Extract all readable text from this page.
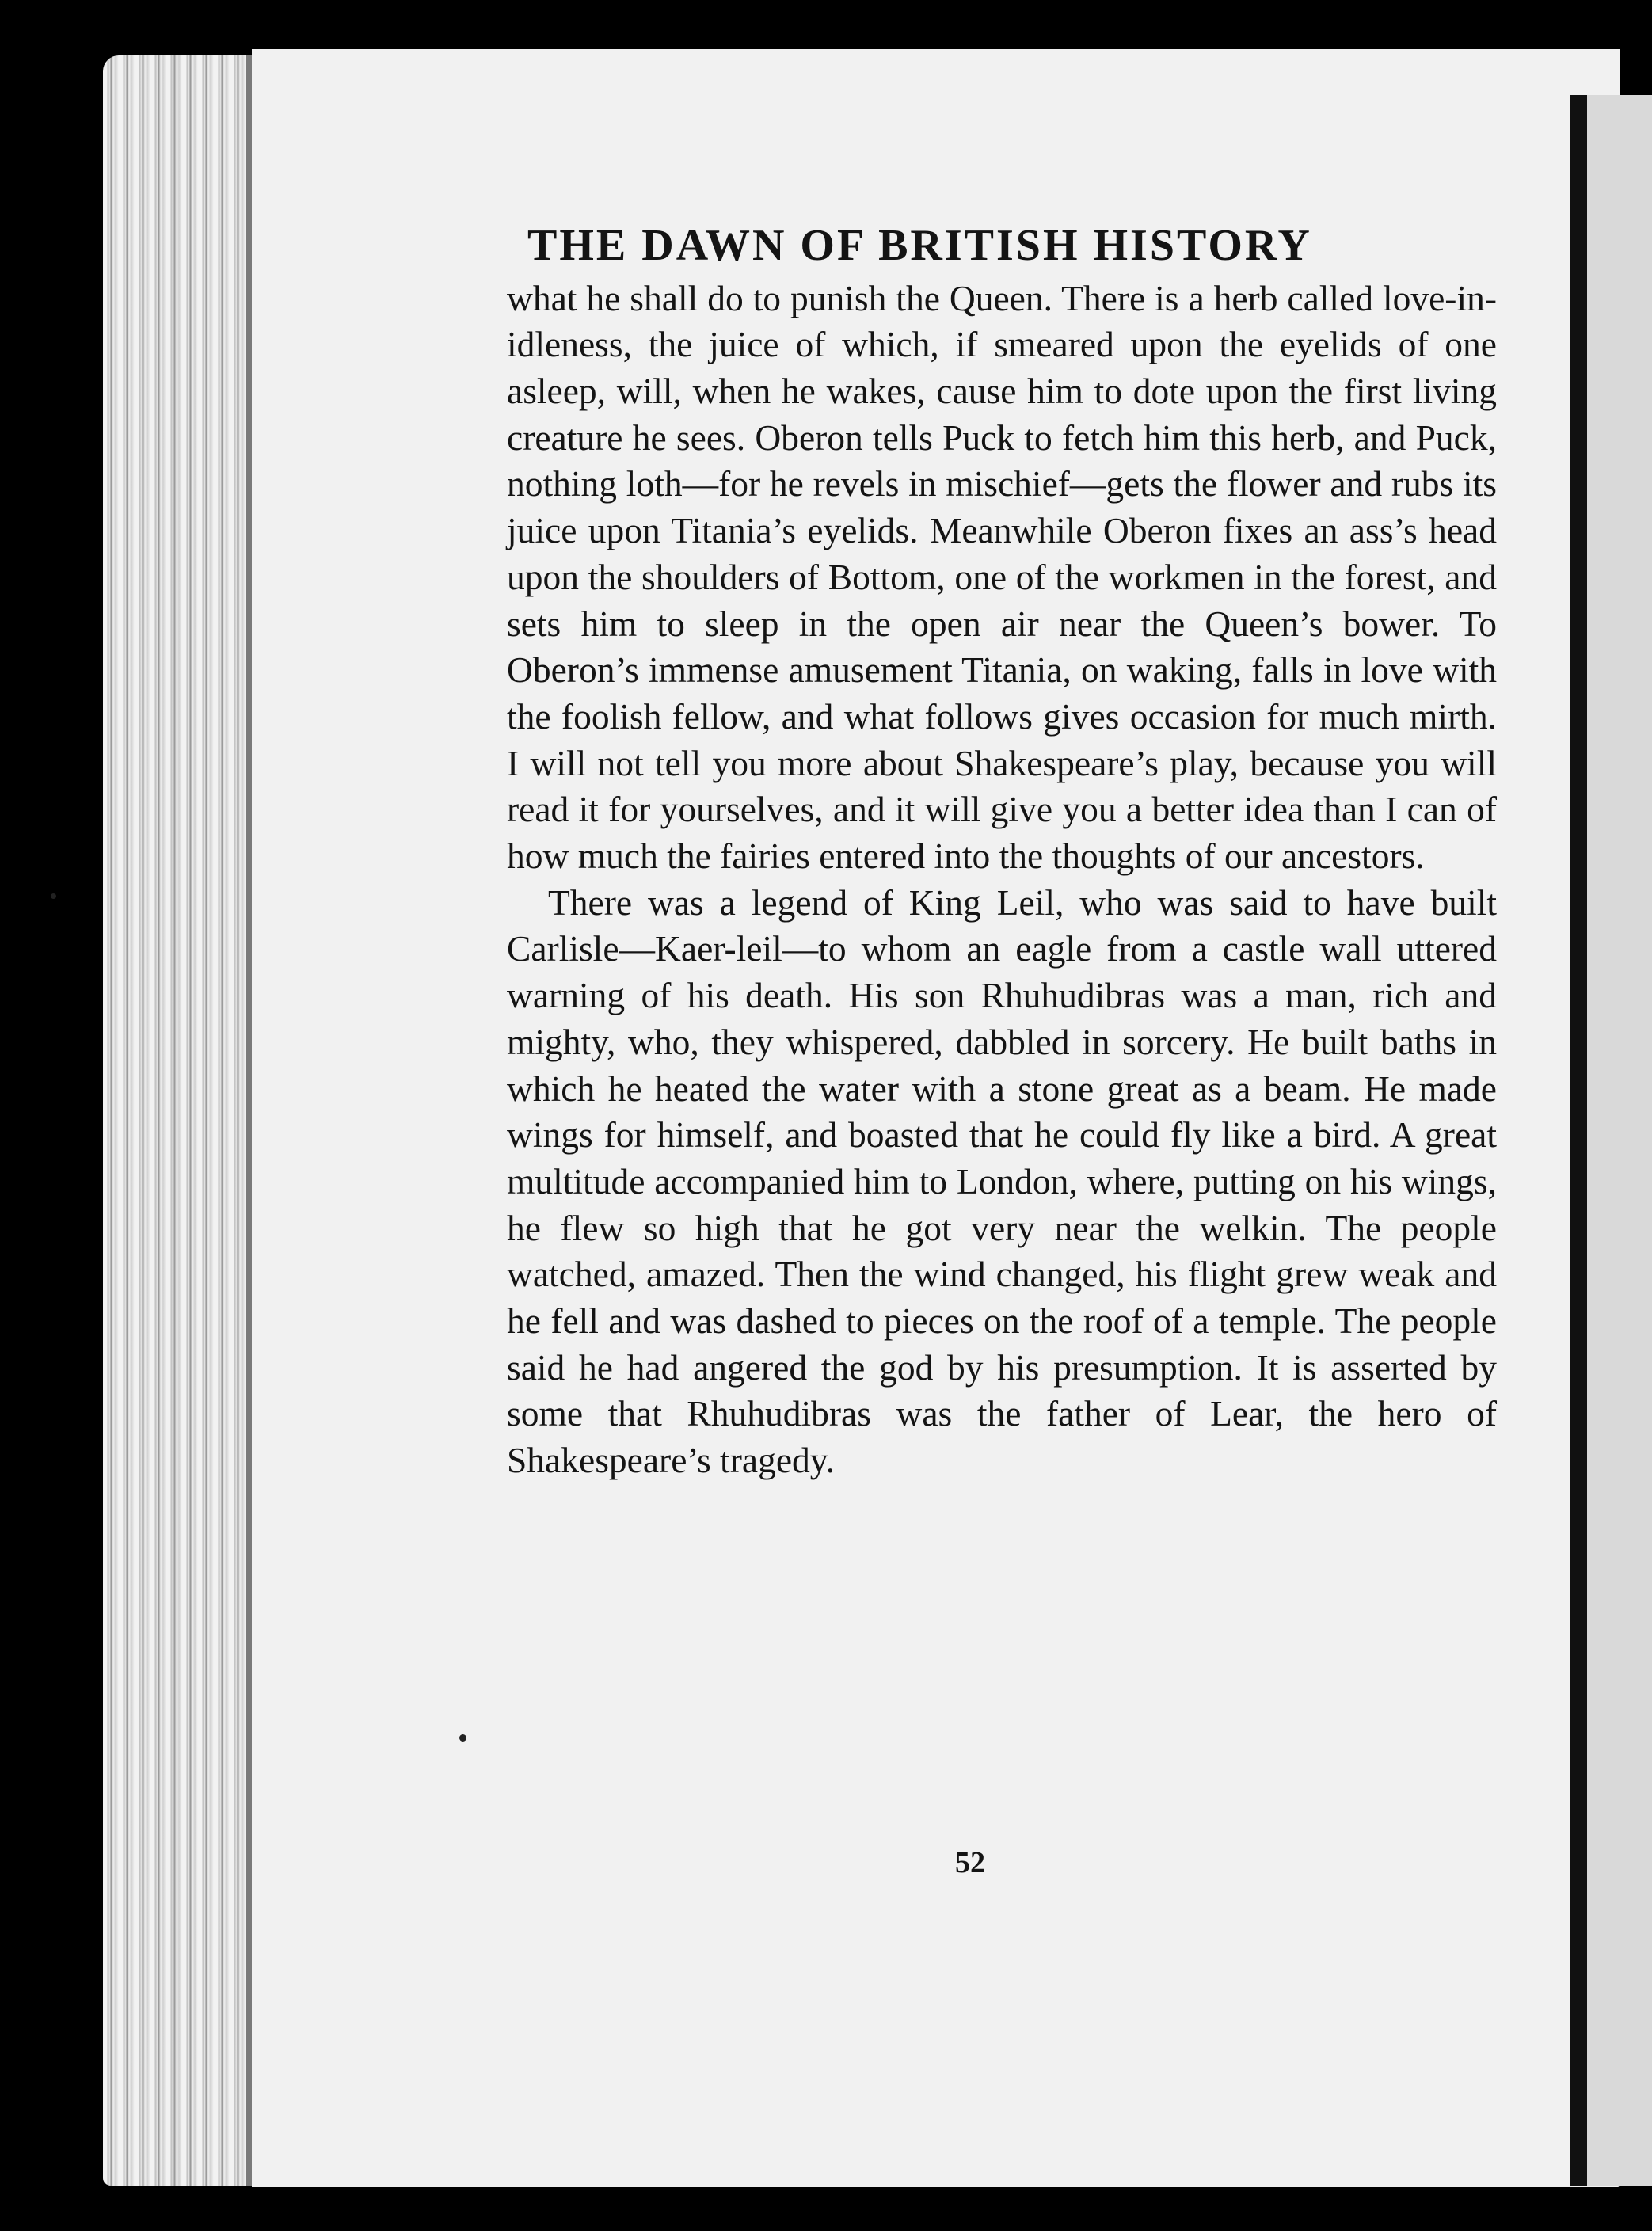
THE DAWN OF BRITISH HISTORY

what he shall do to punish the Queen. There is a herb called love-in-idleness, the juice of which, if smeared upon the eyelids of one asleep, will, when he wakes, cause him to dote upon the first living creature he sees. Oberon tells Puck to fetch him this herb, and Puck, nothing loth—for he revels in mischief—gets the flower and rubs its juice upon Titania’s eyelids. Meanwhile Oberon fixes an ass’s head upon the shoulders of Bottom, one of the workmen in the forest, and sets him to sleep in the open air near the Queen’s bower. To Oberon’s immense amusement Titania, on waking, falls in love with the foolish fellow, and what follows gives occasion for much mirth. I will not tell you more about Shakespeare’s play, because you will read it for yourselves, and it will give you a better idea than I can of how much the fairies entered into the thoughts of our ancestors.

There was a legend of King Leil, who was said to have built Carlisle—Kaer-leil—to whom an eagle from a castle wall uttered warning of his death. His son Rhuhudibras was a man, rich and mighty, who, they whispered, dabbled in sorcery. He built baths in which he heated the water with a stone great as a beam. He made wings for himself, and boasted that he could fly like a bird. A great multitude accompanied him to London, where, putting on his wings, he flew so high that he got very near the welkin. The people watched, amazed. Then the wind changed, his flight grew weak and he fell and was dashed to pieces on the roof of a temple. The people said he had angered the god by his presumption. It is asserted by some that Rhuhudibras was the father of Lear, the hero of Shakespeare’s tragedy.

52
